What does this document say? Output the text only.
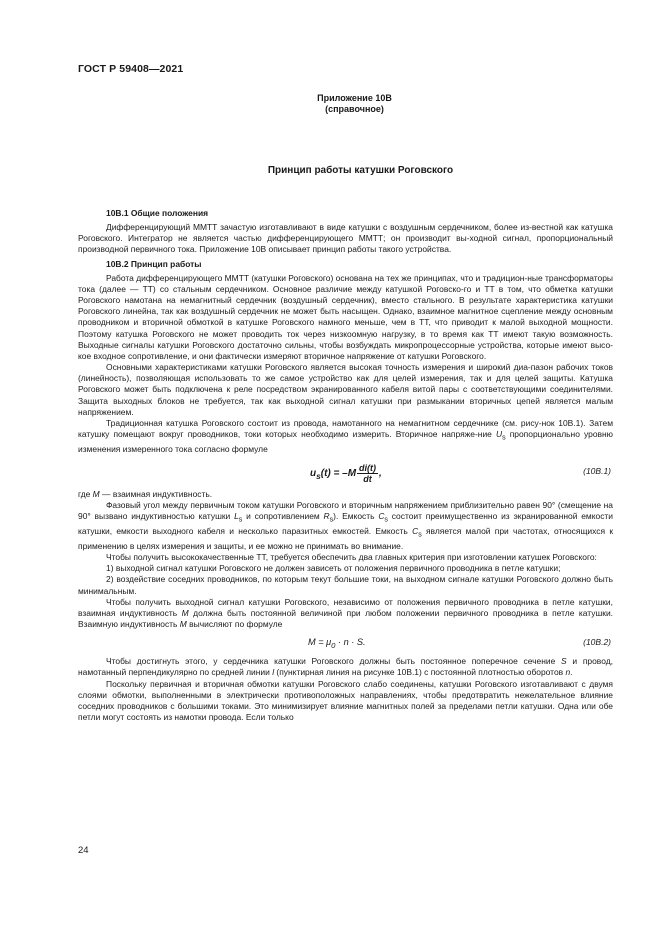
ГОСТ Р 59408—2021
Приложение 10В
(справочное)
Принцип работы катушки Роговского

10В.1 Общие положения

Дифференцирующий ММТТ зачастую изготавливают в виде катушки с воздушным сердечником, более из-вестной как катушка Роговского. Интегратор не является частью дифференцирующего ММТТ; он производит вы-ходной сигнал, пропорциональный производной первичного тока. Приложение 10В описывает принцип работы такого устройства.

10В.2 Принцип работы

Работа дифференцирующего ММТТ (катушки Роговского) основана на тех же принципах, что и традицион-ные трансформаторы тока (далее — ТТ) со стальным сердечником. Основное различие между катушкой Роговско-го и ТТ в том, что обметка катушки Роговского намотана на немагнитный сердечник (воздушный сердечник), вместо стального. В результате характеристика катушки Роговского линейна, так как воздушный сердечник не может быть насыщен. Однако, взаимное магнитное сцепление между основным проводником и вторичной обмоткой в катушке Роговского намного меньше, чем в ТТ, что приводит к малой выходной мощности. Поэтому катушка Роговского не может проводить ток через низкоомную нагрузку, в то время как ТТ имеют такую возможность. Выходные сигналы катушки Роговского достаточно сильны, чтобы возбуждать микропроцессорные устройства, которые имеют высо-кое входное сопротивление, и они фактически измеряют вторичное напряжение от катушки Роговского.

Основными характеристиками катушки Роговского является высокая точность измерения и широкий диа-пазон рабочих токов (линейность), позволяющая использовать то же самое устройство как для целей измерения, так и для целей защиты. Катушка Роговского может быть подключена к реле посредством экранированного кабеля витой пары с соответствующими соединителями. Защита выходных блоков не требуется, так как выходной сигнал катушки при размыкании вторичных цепей является малым напряжением.

Традиционная катушка Роговского состоит из провода, намотанного на немагнитном сердечнике (см. рису-нок 10В.1). Затем катушку помещают вокруг проводников, токи которых необходимо измерить. Вторичное напряже-ние $U_s$ пропорционально уровню изменения измеренного тока согласно формуле

$u_s(t) = -M \frac{di(t)}{dt}$ ,	(10В.1)

где M — взаимная индуктивность.

Фазовый угол между первичным током катушки Роговского и вторичным напряжением приблизительно равен 90° (смещение на 90° вызвано индуктивностью катушки $L_s$ и сопротивлением $R_s$). Емкость $C_s$ состоит преимущественно из экранированной емкости катушки, емкости выходного кабеля и несколько паразитных емкостей. Емкость $C_s$ является малой при частотах, относящихся к применению в целях измерения и защиты, и ее можно не принимать во внимание.

Чтобы получить высококачественные ТТ, требуется обеспечить два главных критерия при изготовлении катушек Роговского:

1) выходной сигнал катушки Роговского не должен зависеть от положения первичного проводника в петле катушки;

2) воздействие соседних проводников, по которым текут большие токи, на выходном сигнале катушки Роговского должно быть минимальным.

Чтобы получить выходной сигнал катушки Роговского, независимо от положения первичного проводника в петле катушки, взаимная индуктивность M должна быть постоянной величиной при любом положении первичного проводника в петле катушки. Взаимную индуктивность M вычисляют по формуле

$M = \mu_0 \cdot n \cdot S$.	(10В.2)

Чтобы достигнуть этого, у сердечника катушки Роговского должны быть постоянное поперечное сечение S и провод, намотанный перпендикулярно по средней линии l (пунктирная линия на рисунке 10В.1) с постоянной плотностью оборотов n.

Поскольку первичная и вторичная обмотки катушки Роговского слабо соединены, катушки Роговского изготавливают с двумя слоями обмотки, выполненными в электрически противоположных направлениях, чтобы предотвратить нежелательное влияние соседних проводников с большими токами. Это минимизирует влияние магнитных полей за пределами петли катушки. Одна или обе петли могут состоять из намотки провода. Если только

24
